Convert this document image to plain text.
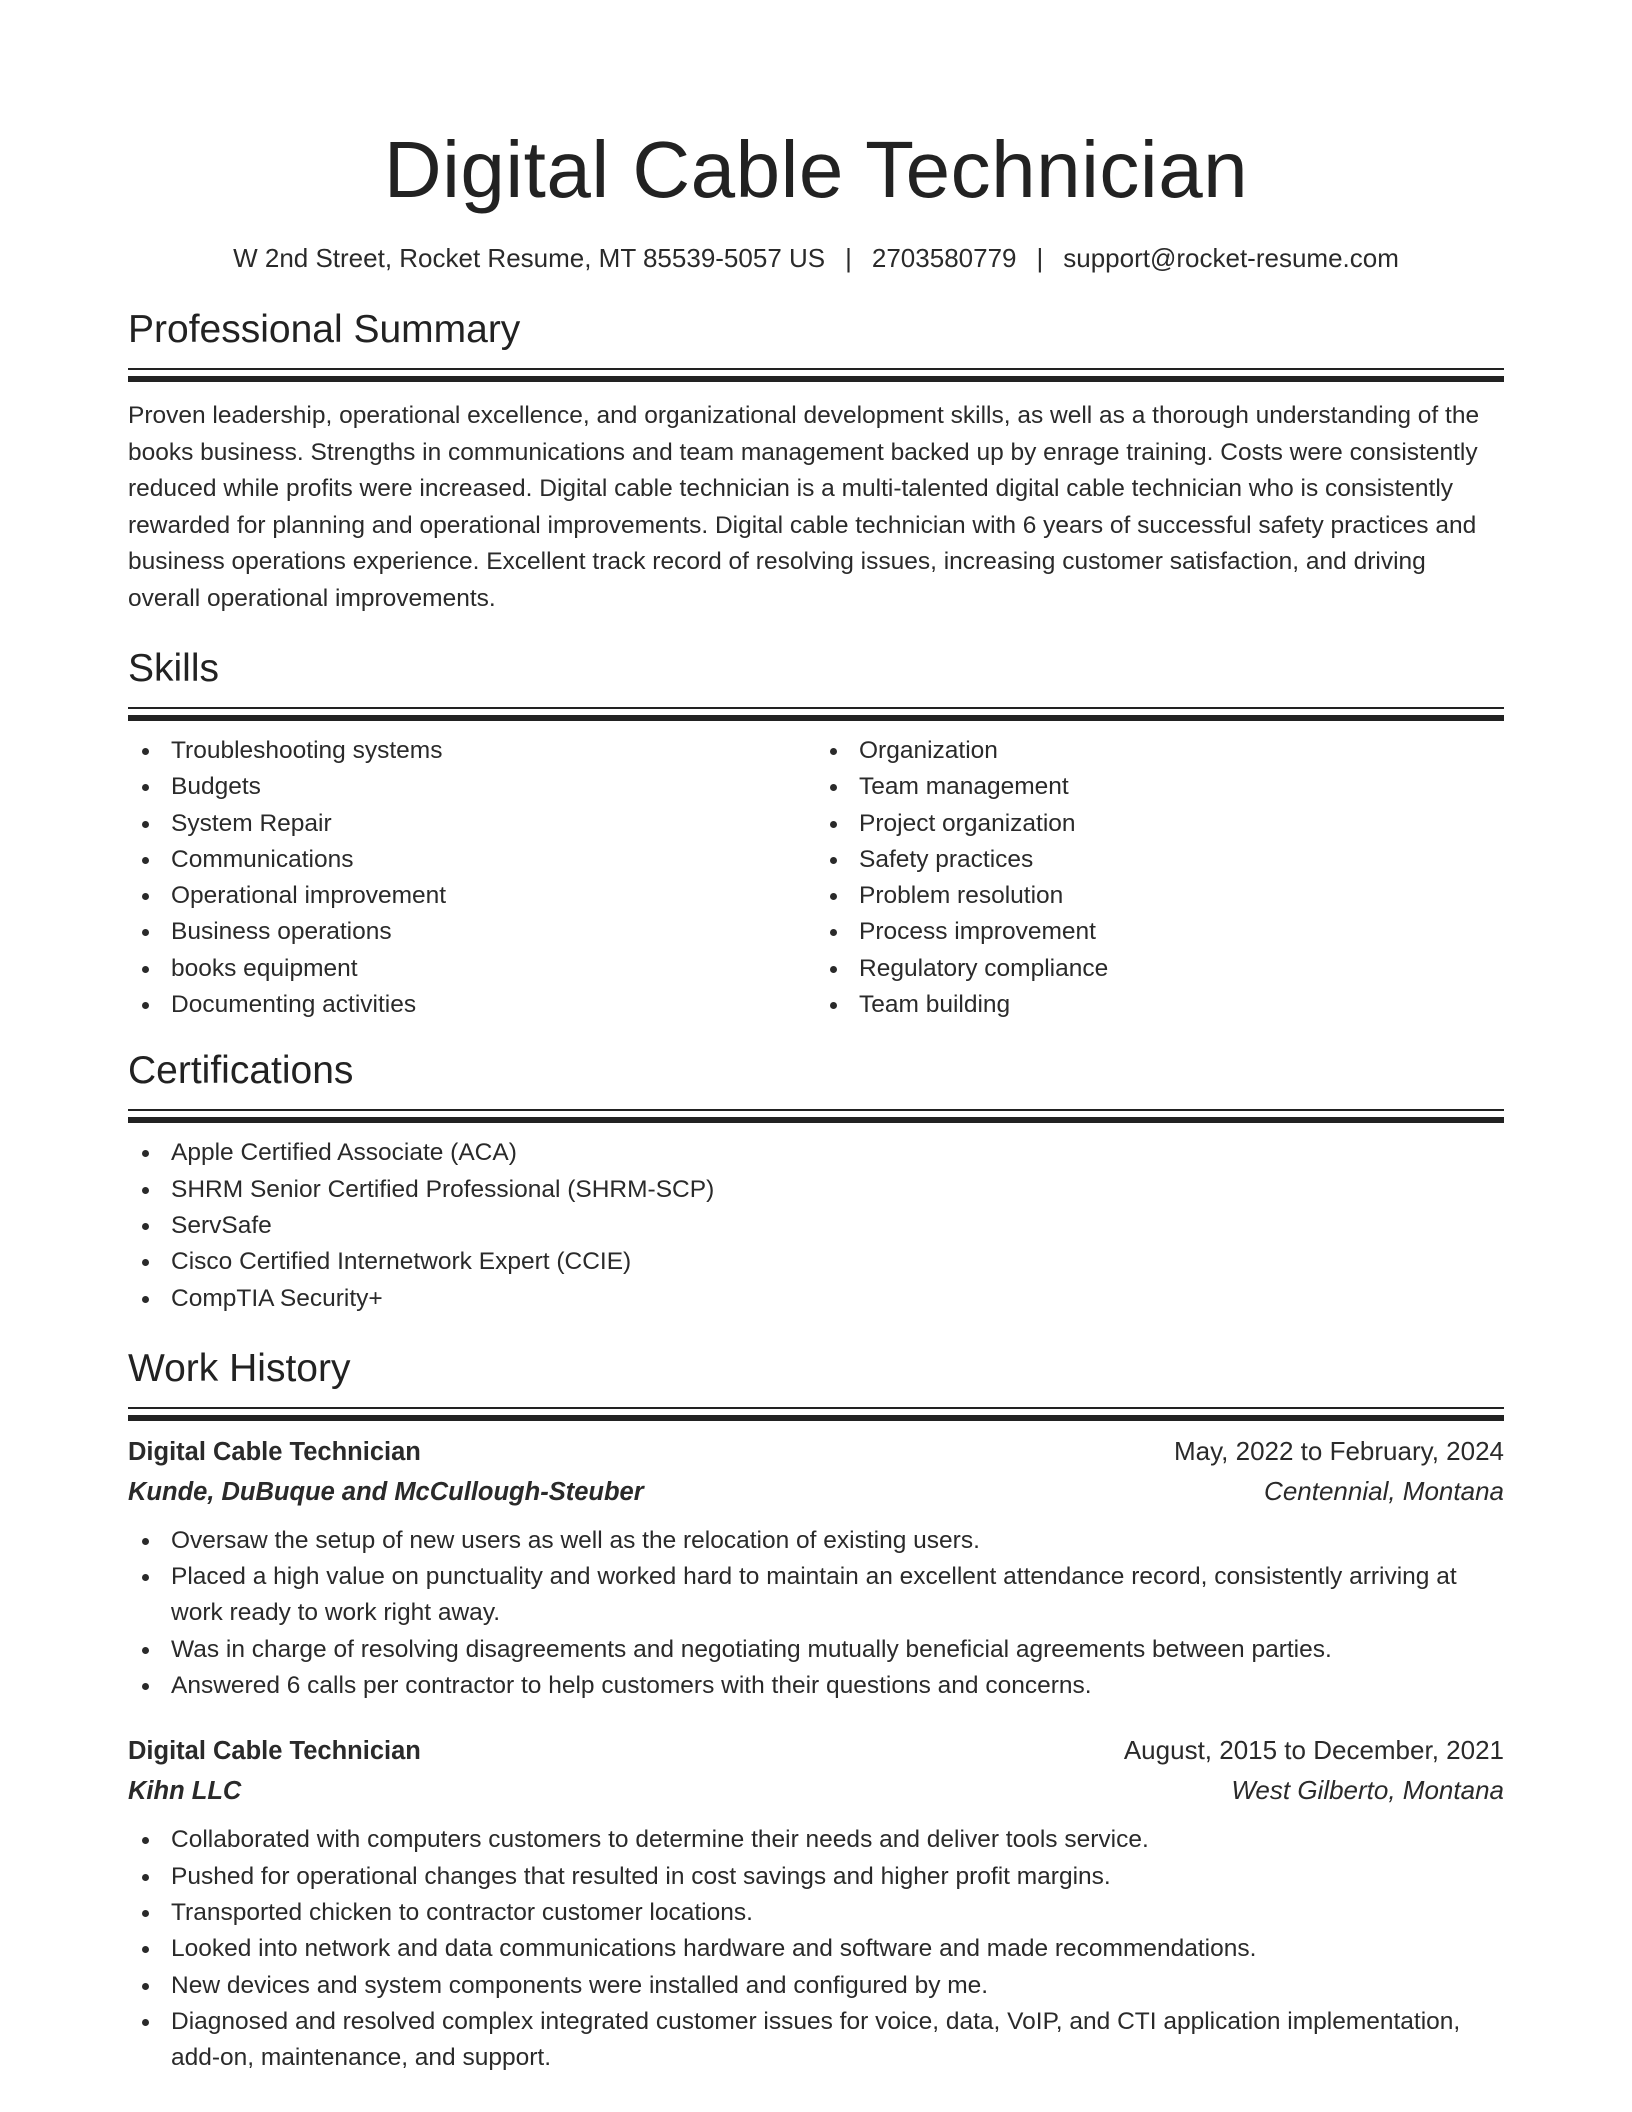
Digital Cable Technician
W 2nd Street, Rocket Resume, MT 85539-5057 US | 2703580779 | support@rocket-resume.com
Professional Summary

Proven leadership, operational excellence, and organizational development skills, as well as a thorough understanding of the books business. Strengths in communications and team management backed up by enrage training. Costs were consistently reduced while profits were increased. Digital cable technician is a multi-talented digital cable technician who is consistently rewarded for planning and operational improvements. Digital cable technician with 6 years of successful safety practices and business operations experience. Excellent track record of resolving issues, increasing customer satisfaction, and driving overall operational improvements.

Skills
Troubleshooting systems
Budgets
System Repair
Communications
Operational improvement
Business operations
books equipment
Documenting activities
Organization
Team management
Project organization
Safety practices
Problem resolution
Process improvement
Regulatory compliance
Team building
Certifications
Apple Certified Associate (ACA)
SHRM Senior Certified Professional (SHRM-SCP)
ServSafe
Cisco Certified Internetwork Expert (CCIE)
CompTIA Security+
Work History
Digital Cable Technician	May, 2022 to February, 2024
Kunde, DuBuque and McCullough-Steuber	Centennial, Montana
Oversaw the setup of new users as well as the relocation of existing users.
Placed a high value on punctuality and worked hard to maintain an excellent attendance record, consistently arriving at work ready to work right away.
Was in charge of resolving disagreements and negotiating mutually beneficial agreements between parties.
Answered 6 calls per contractor to help customers with their questions and concerns.
Digital Cable Technician	August, 2015 to December, 2021
Kihn LLC	West Gilberto, Montana
Collaborated with computers customers to determine their needs and deliver tools service.
Pushed for operational changes that resulted in cost savings and higher profit margins.
Transported chicken to contractor customer locations.
Looked into network and data communications hardware and software and made recommendations.
New devices and system components were installed and configured by me.
Diagnosed and resolved complex integrated customer issues for voice, data, VoIP, and CTI application implementation, add-on, maintenance, and support.
